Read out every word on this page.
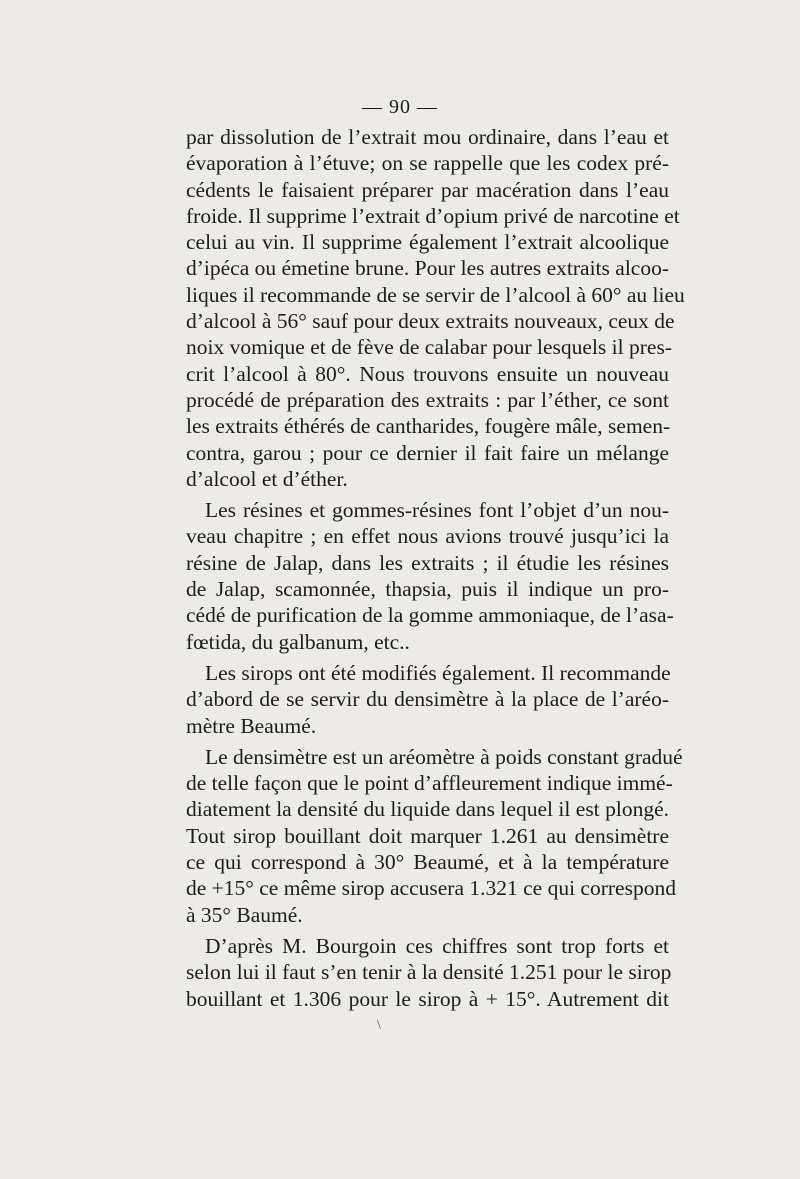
— 90 —
par dissolution de l’extrait mou ordinaire, dans l’eau et
évaporation à l’étuve; on se rappelle que les codex pré-
cédents le faisaient préparer par macération dans l’eau
froide. Il supprime l’extrait d’opium privé de narcotine et
celui au vin. Il supprime également l’extrait alcoolique
d’ipéca ou émetine brune. Pour les autres extraits alcoo-
liques il recommande de se servir de l’alcool à 60° au lieu
d’alcool à 56° sauf pour deux extraits nouveaux, ceux de
noix vomique et de fève de calabar pour lesquels il pres-
crit l’alcool à 80°. Nous trouvons ensuite un nouveau
procédé de préparation des extraits : par l’éther, ce sont
les extraits éthérés de cantharides, fougère mâle, semen-
contra, garou ; pour ce dernier il fait faire un mélange
d’alcool et d’éther.
Les résines et gommes-résines font l’objet d’un nou-
veau chapitre ; en effet nous avions trouvé jusqu’ici la
résine de Jalap, dans les extraits ; il étudie les résines
de Jalap, scamonnée, thapsia, puis il indique un pro-
cédé de purification de la gomme ammoniaque, de l’asa-
fœtida, du galbanum, etc..
Les sirops ont été modifiés également. Il recommande
d’abord de se servir du densimètre à la place de l’aréo-
mètre Beaumé.
Le densimètre est un aréomètre à poids constant gradué
de telle façon que le point d’affleurement indique immé-
diatement la densité du liquide dans lequel il est plongé.
Tout sirop bouillant doit marquer 1.261 au densimètre
ce qui correspond à 30° Beaumé, et à la température
de +15° ce même sirop accusera 1.321 ce qui correspond
à 35° Baumé.
D’après M. Bourgoin ces chiffres sont trop forts et
selon lui il faut s’en tenir à la densité 1.251 pour le sirop
bouillant et 1.306 pour le sirop à + 15°. Autrement dit
\
